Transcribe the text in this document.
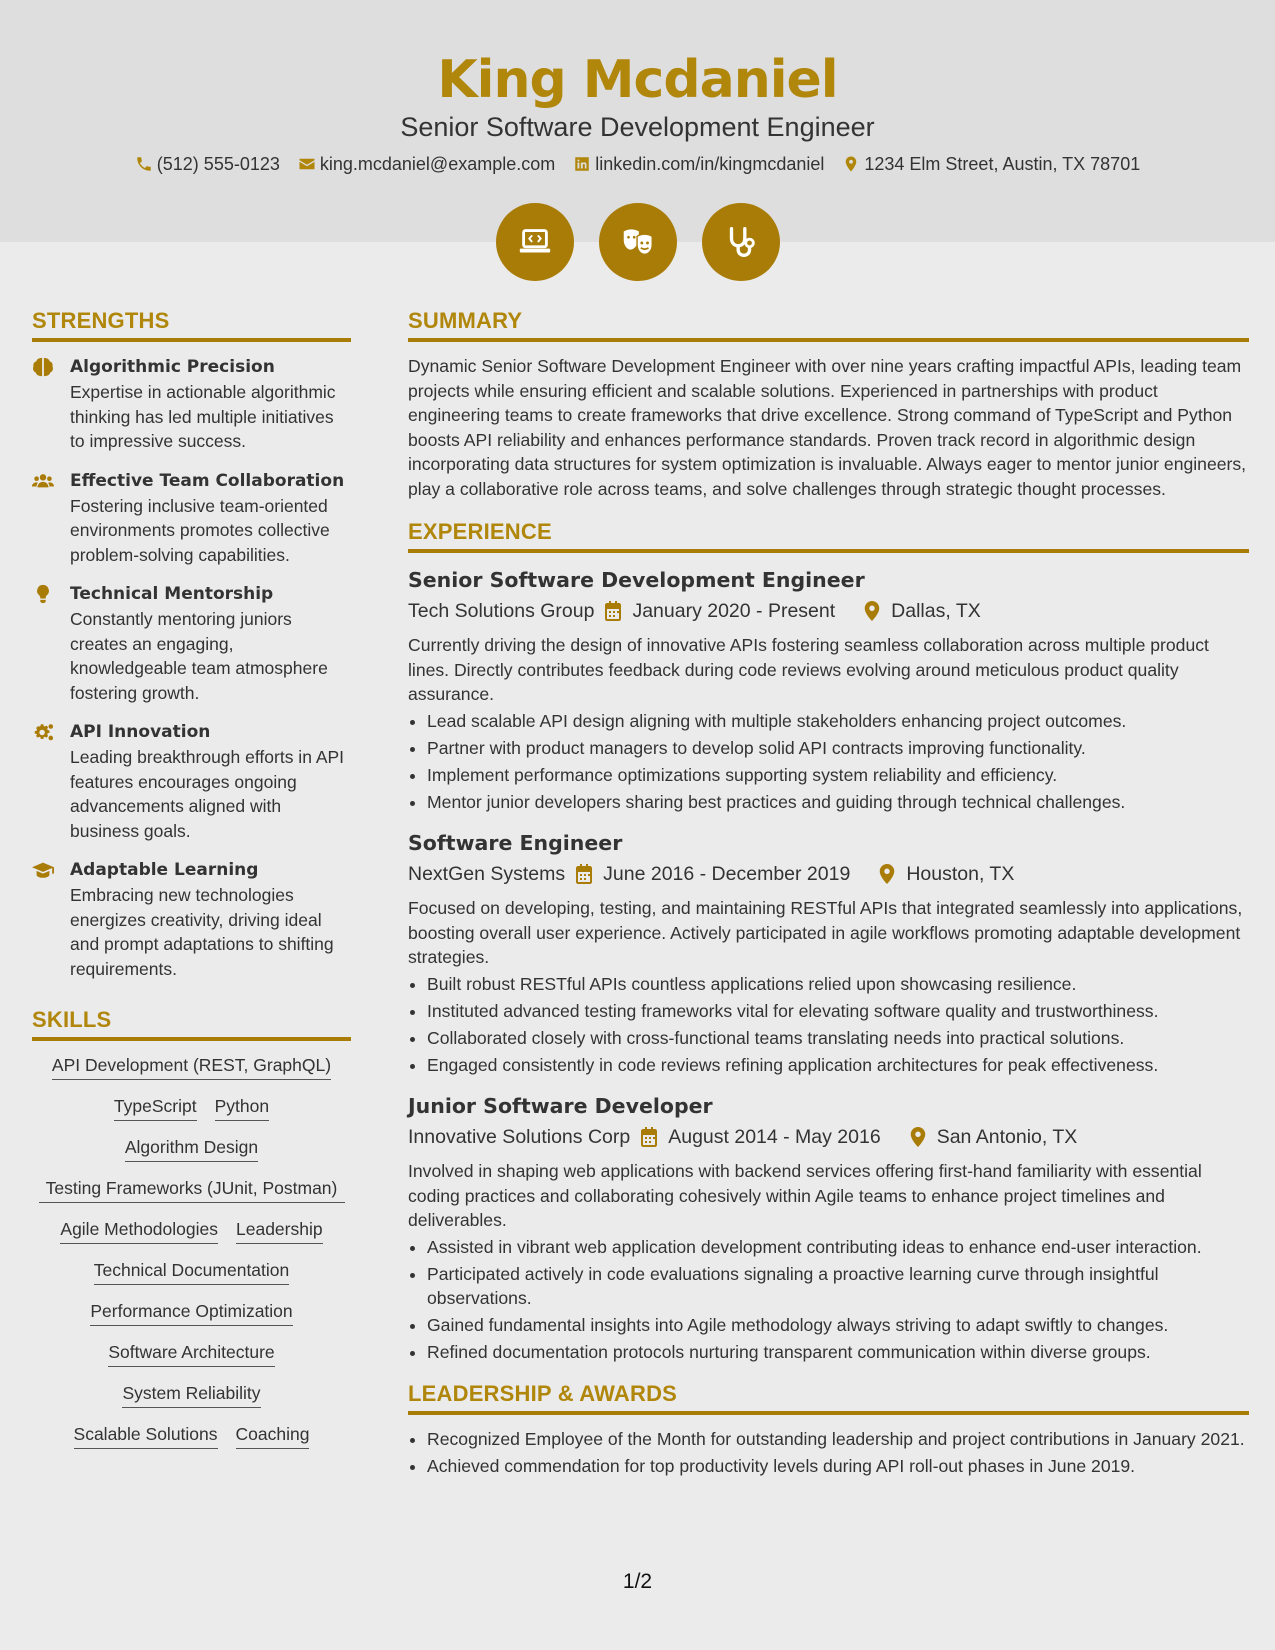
King Mcdaniel
Senior Software Development Engineer
(512) 555-0123 king.mcdaniel@example.com linkedin.com/in/kingmcdaniel 1234 Elm Street, Austin, TX 78701
STRENGTHS
Algorithmic Precision
Expertise in actionable algorithmic thinking has led multiple initiatives to impressive success.
Effective Team Collaboration
Fostering inclusive team-oriented environments promotes collective problem-solving capabilities.
Technical Mentorship
Constantly mentoring juniors creates an engaging, knowledgeable team atmosphere fostering growth.
API Innovation
Leading breakthrough efforts in API features encourages ongoing advancements aligned with business goals.
Adaptable Learning
Embracing new technologies energizes creativity, driving ideal and prompt adaptations to shifting requirements.
SKILLS
API Development (REST, GraphQL)
TypeScript Python
Algorithm Design
Testing Frameworks (JUnit, Postman)
Agile Methodologies Leadership
Technical Documentation
Performance Optimization
Software Architecture
System Reliability
Scalable Solutions Coaching
SUMMARY
Dynamic Senior Software Development Engineer with over nine years crafting impactful APIs, leading team projects while ensuring efficient and scalable solutions. Experienced in partnerships with product engineering teams to create frameworks that drive excellence. Strong command of TypeScript and Python boosts API reliability and enhances performance standards. Proven track record in algorithmic design incorporating data structures for system optimization is invaluable. Always eager to mentor junior engineers, play a collaborative role across teams, and solve challenges through strategic thought processes.
EXPERIENCE
Senior Software Development Engineer
Tech Solutions Group January 2020 - Present	Dallas, TX
Currently driving the design of innovative APIs fostering seamless collaboration across multiple product lines. Directly contributes feedback during code reviews evolving around meticulous product quality assurance.
• Lead scalable API design aligning with multiple stakeholders enhancing project outcomes.
• Partner with product managers to develop solid API contracts improving functionality.
• Implement performance optimizations supporting system reliability and efficiency.
• Mentor junior developers sharing best practices and guiding through technical challenges.
Software Engineer
NextGen Systems June 2016 - December 2019	Houston, TX
Focused on developing, testing, and maintaining RESTful APIs that integrated seamlessly into applications, boosting overall user experience. Actively participated in agile workflows promoting adaptable development strategies.
• Built robust RESTful APIs countless applications relied upon showcasing resilience.
• Instituted advanced testing frameworks vital for elevating software quality and trustworthiness.
• Collaborated closely with cross-functional teams translating needs into practical solutions.
• Engaged consistently in code reviews refining application architectures for peak effectiveness.
Junior Software Developer
Innovative Solutions Corp August 2014 - May 2016	San Antonio, TX
Involved in shaping web applications with backend services offering first-hand familiarity with essential coding practices and collaborating cohesively within Agile teams to enhance project timelines and deliverables.
• Assisted in vibrant web application development contributing ideas to enhance end-user interaction.
• Participated actively in code evaluations signaling a proactive learning curve through insightful observations.
• Gained fundamental insights into Agile methodology always striving to adapt swiftly to changes.
• Refined documentation protocols nurturing transparent communication within diverse groups.
LEADERSHIP & AWARDS
• Recognized Employee of the Month for outstanding leadership and project contributions in January 2021.
• Achieved commendation for top productivity levels during API roll-out phases in June 2019.
1/2
